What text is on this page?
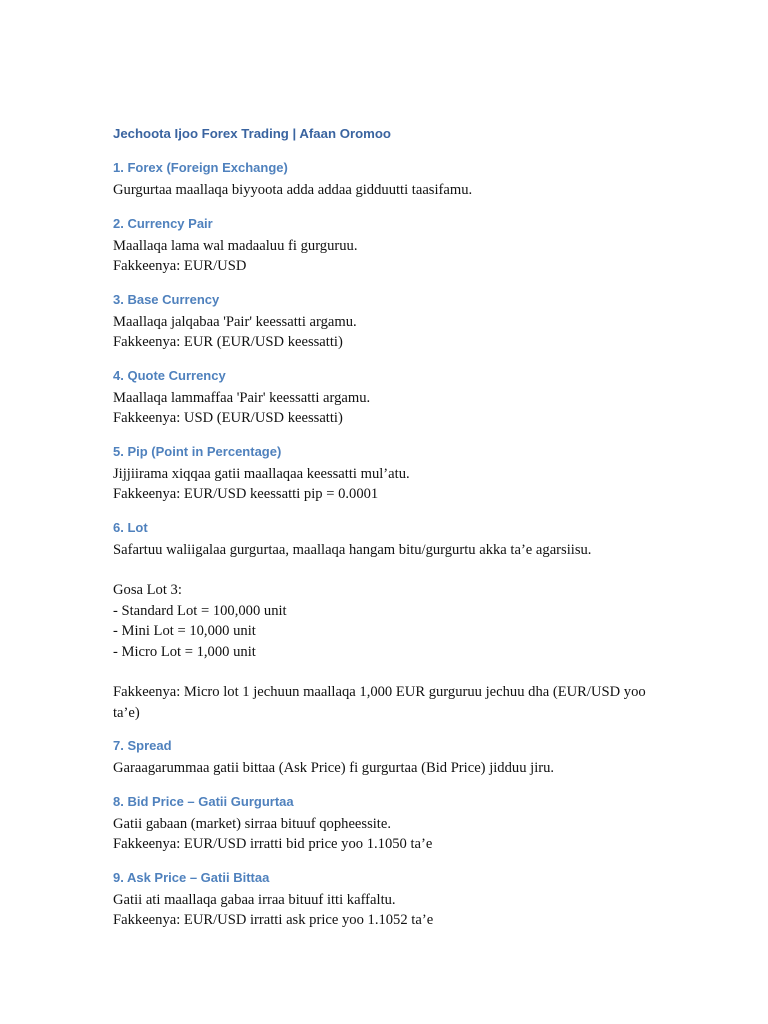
Jechoota Ijoo Forex Trading | Afaan Oromoo
1. Forex (Foreign Exchange)

Gurgurtaa maallaqa biyyoota adda addaa gidduutti taasifamu.

2. Currency Pair

Maallaqa lama wal madaaluu fi gurguruu.

Fakkeenya: EUR/USD

3. Base Currency

Maallaqa jalqabaa 'Pair' keessatti argamu.

Fakkeenya: EUR (EUR/USD keessatti)

4. Quote Currency

Maallaqa lammaffaa 'Pair' keessatti argamu.

Fakkeenya: USD (EUR/USD keessatti)

5. Pip (Point in Percentage)

Jijjiirama xiqqaa gatii maallaqaa keessatti mul’atu.

Fakkeenya: EUR/USD keessatti pip = 0.0001

6. Lot

Safartuu waliigalaa gurgurtaa, maallaqa hangam bitu/gurgurtu akka ta’e agarsiisu.

Gosa Lot 3:

- Standard Lot = 100,000 unit

- Mini Lot = 10,000 unit

- Micro Lot = 1,000 unit

Fakkeenya: Micro lot 1 jechuun maallaqa 1,000 EUR gurguruu jechuu dha (EUR/USD yoo ta’e)

7. Spread

Garaagarummaa gatii bittaa (Ask Price) fi gurgurtaa (Bid Price) jidduu jiru.

8. Bid Price – Gatii Gurgurtaa

Gatii gabaan (market) sirraa bituuf qopheessite.

Fakkeenya: EUR/USD irratti bid price yoo 1.1050 ta’e

9. Ask Price – Gatii Bittaa

Gatii ati maallaqa gabaa irraa bituuf itti kaffaltu.

Fakkeenya: EUR/USD irratti ask price yoo 1.1052 ta’e
